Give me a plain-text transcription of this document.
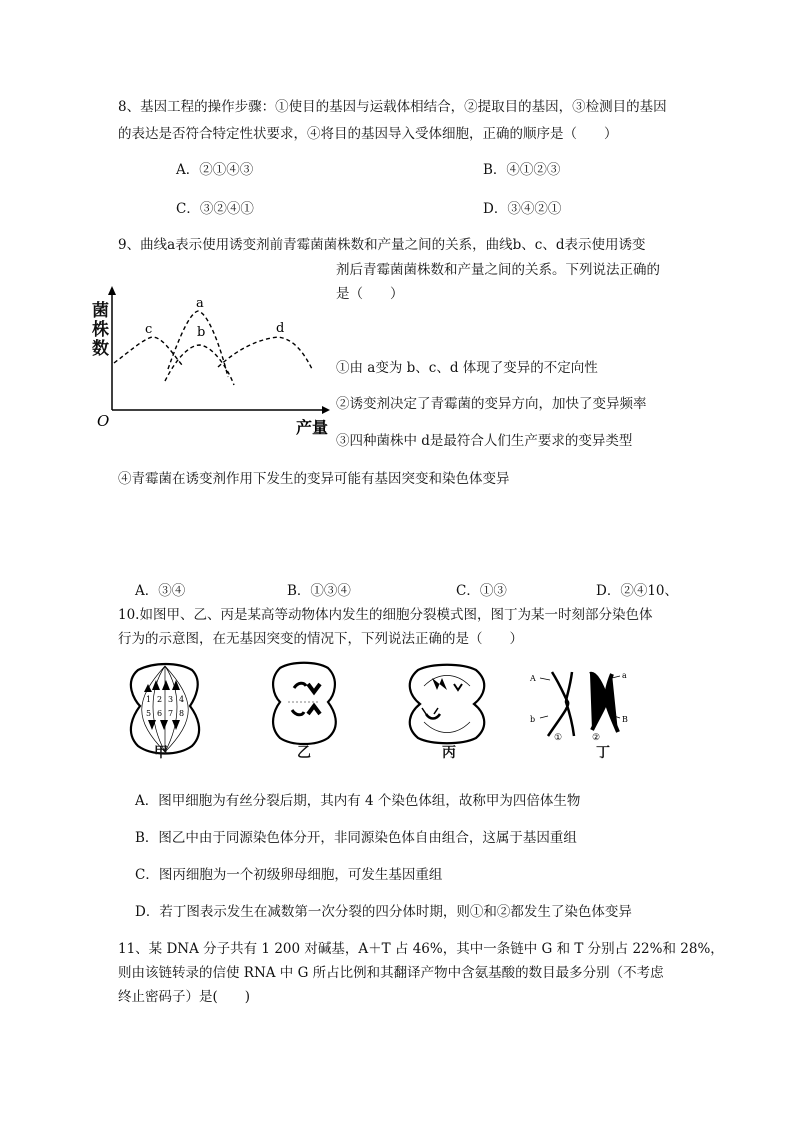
8、基因工程的操作步骤：①使目的基因与运载体相结合，②提取目的基因，③检测目的基因
的表达是否符合特定性状要求，④将目的基因导入受体细胞，正确的顺序是（　　）
A．②①④③	B．④①②③
C．③②④①	D．③④②①
9、曲线a表示使用诱变剂前青霉菌菌株数和产量之间的关系，曲线b、c、d表示使用诱变
剂后青霉菌菌株数和产量之间的关系。下列说法正确的
是（　　）
a
b
c	d
O	产量
菌株数
①由 a变为 b、c、d 体现了变异的不定向性
②诱变剂决定了青霉菌的变异方向，加快了变异频率
③四种菌株中 d是最符合人们生产要求的变异类型
④青霉菌在诱变剂作用下发生的变异可能有基因突变和染色体变异
A．③④	B．①③④	C．①③	D．②④10、
10.如图甲、乙、丙是某高等动物体内发生的细胞分裂模式图，图丁为某一时刻部分染色体
行为的示意图，在无基因突变的情况下，下列说法正确的是（　　）
1 2 3 4
5 6 7 8
甲	乙	丙
A	a
b	B
①	②
丁
A．图甲细胞为有丝分裂后期，其内有 4 个染色体组，故称甲为四倍体生物
B．图乙中由于同源染色体分开，非同源染色体自由组合，这属于基因重组
C．图丙细胞为一个初级卵母细胞，可发生基因重组
D．若丁图表示发生在减数第一次分裂的四分体时期，则①和②都发生了染色体变异
11、某 DNA 分子共有 1 200 对碱基，A＋T 占 46%，其中一条链中 G 和 T 分别占 22%和 28%，
则由该链转录的信使 RNA 中 G 所占比例和其翻译产物中含氨基酸的数目最多分别（不考虑
终止密码子）是(　　)
